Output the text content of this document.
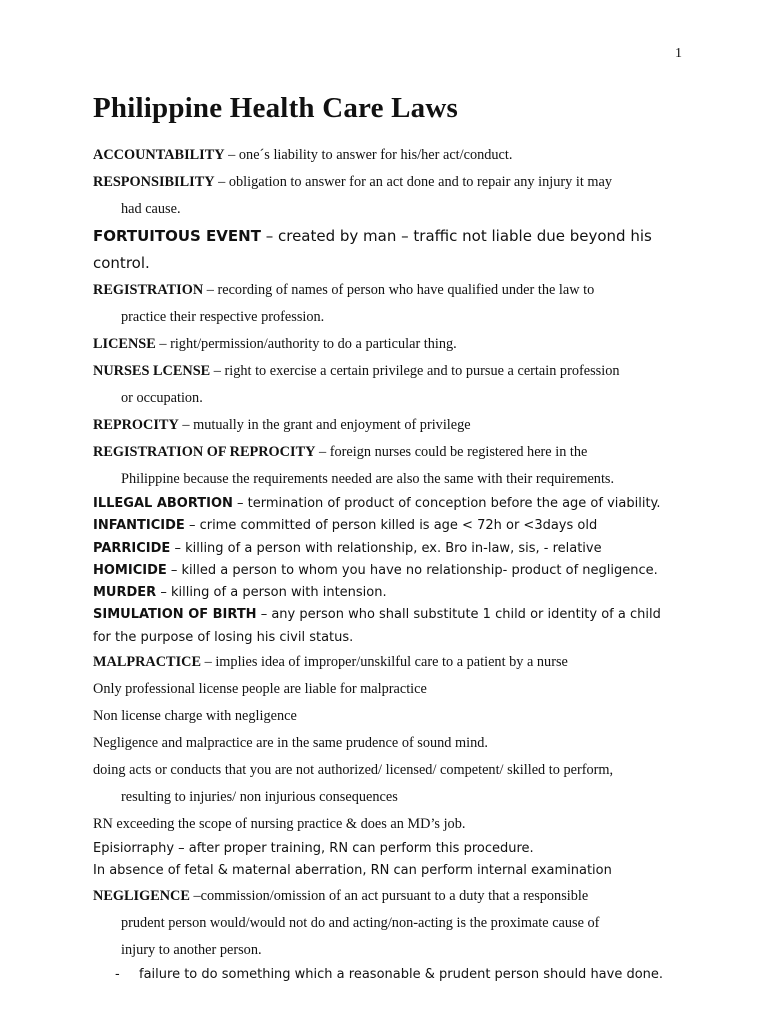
1
Philippine Health Care Laws

ACCOUNTABILITY – one´s liability to answer for his/her act/conduct.

RESPONSIBILITY – obligation to answer for an act done and to repair any injury it may

had cause.

FORTUITOUS EVENT – created by man – traffic not liable due beyond his

control.

REGISTRATION – recording of names of person who have qualified under the law to

practice their respective profession.

LICENSE – right/permission/authority to do a particular thing.

NURSES LCENSE – right to exercise a certain privilege and to pursue a certain profession

or occupation.

REPROCITY – mutually in the grant and enjoyment of privilege

REGISTRATION OF REPROCITY – foreign nurses could be registered here in the

Philippine because the requirements needed are also the same with their requirements.

ILLEGAL ABORTION – termination of product of conception before the age of viability.

INFANTICIDE – crime committed of person killed is age < 72h or <3days old

PARRICIDE – killing of a person with relationship, ex. Bro in-law, sis, - relative

HOMICIDE – killed a person to whom you have no relationship- product of negligence.

MURDER – killing of a person with intension.

SIMULATION OF BIRTH – any person who shall substitute 1 child or identity of a child

for the purpose of losing his civil status.

MALPRACTICE – implies idea of improper/unskilful care to a patient by a nurse

Only professional license people are liable for malpractice

Non license charge with negligence

Negligence and malpractice are in the same prudence of sound mind.

doing acts or conducts that you are not authorized/ licensed/ competent/ skilled to perform,

resulting to injuries/ non injurious consequences

RN exceeding the scope of nursing practice & does an MD’s job.

Episiorraphy – after proper training, RN can perform this procedure.

In absence of fetal & maternal aberration, RN can perform internal examination

NEGLIGENCE –commission/omission of an act pursuant to a duty that a responsible

prudent person would/would not do and acting/non-acting is the proximate cause of

injury to another person.

- failure to do something which a reasonable & prudent person should have done.
